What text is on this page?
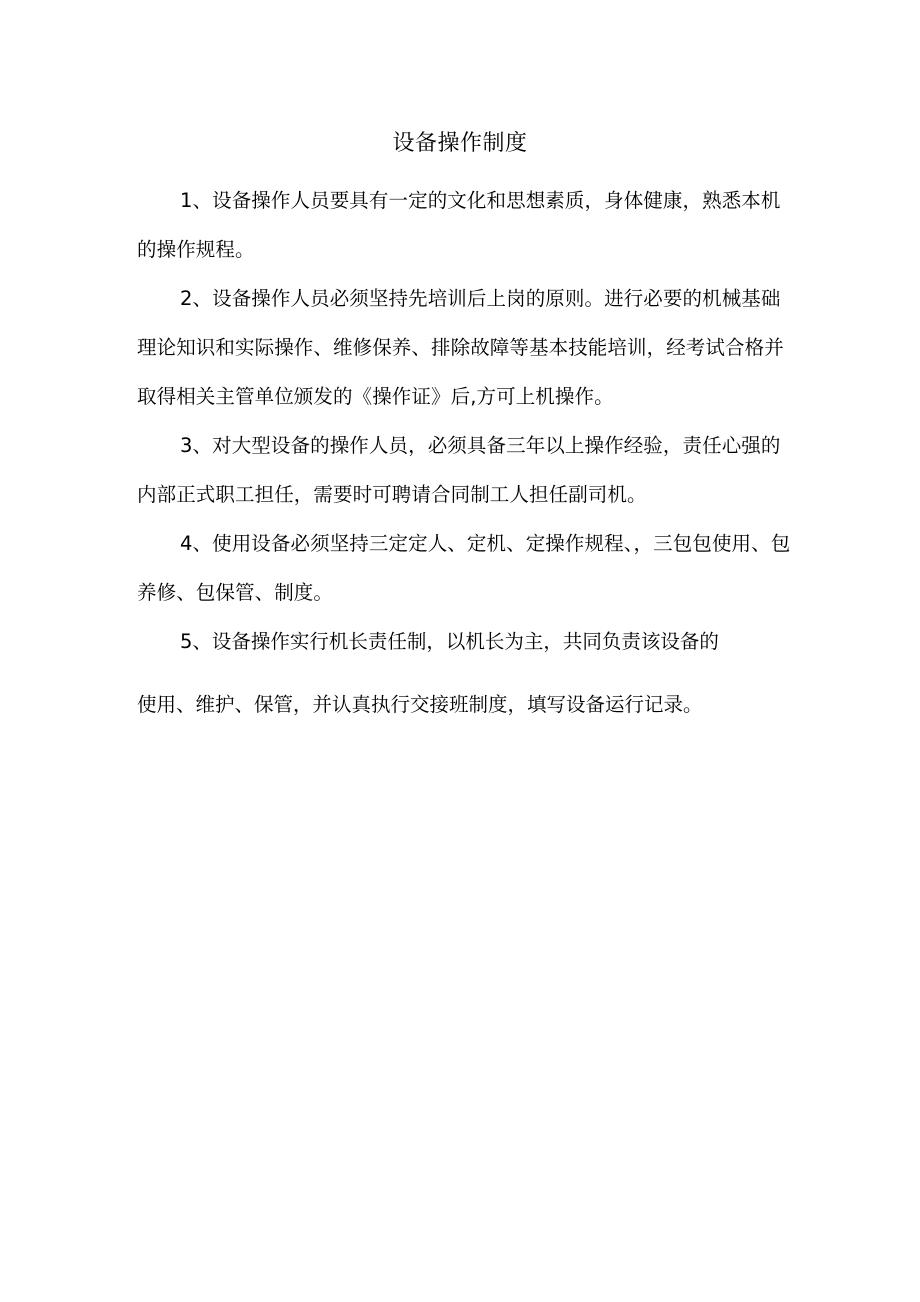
设备操作制度

1、设备操作人员要具有一定的文化和思想素质，身体健康，熟悉本机的操作规程。

2、设备操作人员必须坚持先培训后上岗的原则。进行必要的机械基础理论知识和实际操作、维修保养、排除故障等基本技能培训，经考试合格并取得相关主管单位颁发的《操作证》后,方可上机操作。

3、对大型设备的操作人员，必须具备三年以上操作经验，责任心强的内部正式职工担任，需要时可聘请合同制工人担任副司机。

4、使用设备必须坚持三定定人、定机、定操作规程、，三包包使用、包养修、包保管、制度。

5、设备操作实行机长责任制，以机长为主，共同负责该设备的

使用、维护、保管，并认真执行交接班制度，填写设备运行记录。
